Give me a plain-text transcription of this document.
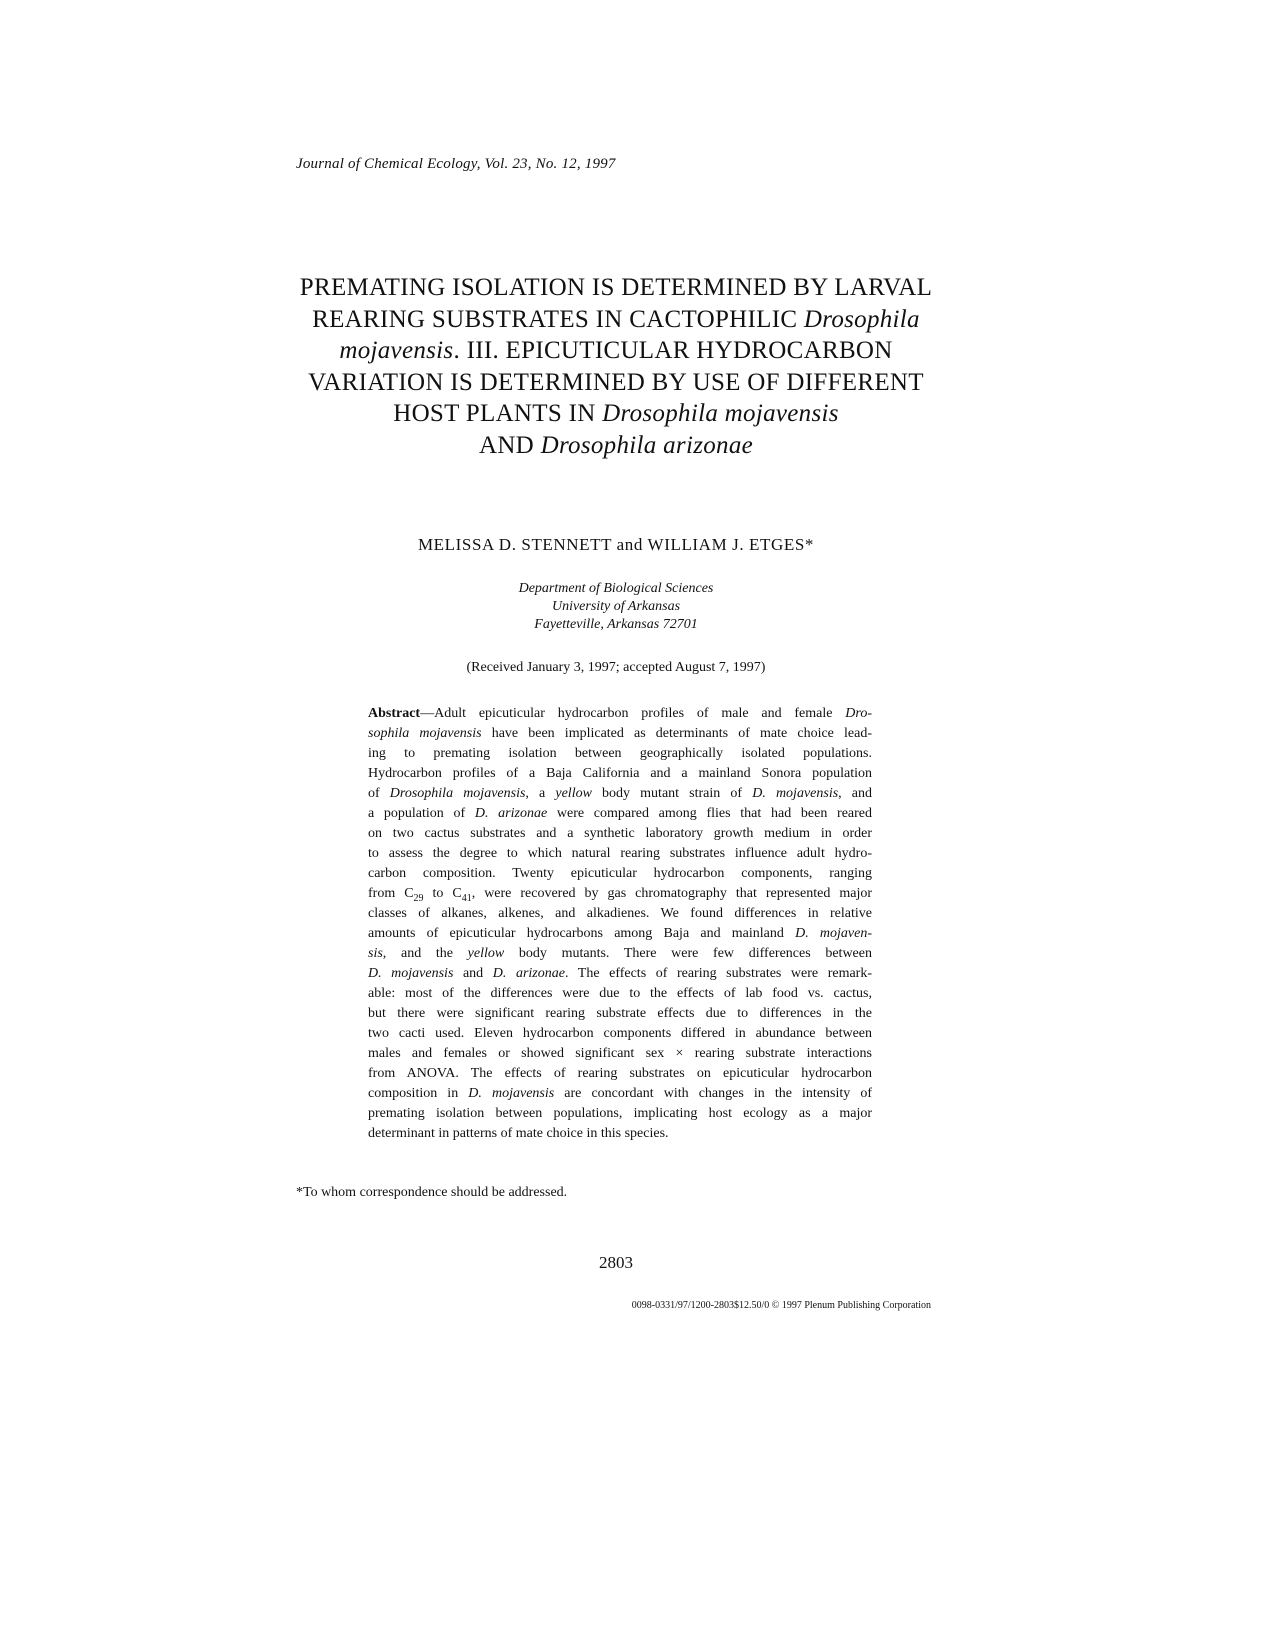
Journal of Chemical Ecology, Vol. 23, No. 12, 1997
PREMATING ISOLATION IS DETERMINED BY LARVAL
REARING SUBSTRATES IN CACTOPHILIC Drosophila
mojavensis. III. EPICUTICULAR HYDROCARBON
VARIATION IS DETERMINED BY USE OF DIFFERENT
HOST PLANTS IN Drosophila mojavensis
AND Drosophila arizonae
MELISSA D. STENNETT and WILLIAM J. ETGES*
Department of Biological Sciences
University of Arkansas
Fayetteville, Arkansas 72701
(Received January 3, 1997; accepted August 7, 1997)
Abstract—Adult epicuticular hydrocarbon profiles of male and female Dro-
sophila mojavensis have been implicated as determinants of mate choice lead-
ing to premating isolation between geographically isolated populations.
Hydrocarbon profiles of a Baja California and a mainland Sonora population
of Drosophila mojavensis, a yellow body mutant strain of D. mojavensis, and
a population of D. arizonae were compared among flies that had been reared
on two cactus substrates and a synthetic laboratory growth medium in order
to assess the degree to which natural rearing substrates influence adult hydro-
carbon composition. Twenty epicuticular hydrocarbon components, ranging
from $C_{29}$ to $C_{41}$, were recovered by gas chromatography that represented major
classes of alkanes, alkenes, and alkadienes. We found differences in relative
amounts of epicuticular hydrocarbons among Baja and mainland D. mojaven-
sis, and the yellow body mutants. There were few differences between
D. mojavensis and D. arizonae. The effects of rearing substrates were remark-
able: most of the differences were due to the effects of lab food vs. cactus,
but there were significant rearing substrate effects due to differences in the
two cacti used. Eleven hydrocarbon components differed in abundance between
males and females or showed significant sex × rearing substrate interactions
from ANOVA. The effects of rearing substrates on epicuticular hydrocarbon
composition in D. mojavensis are concordant with changes in the intensity of
premating isolation between populations, implicating host ecology as a major
determinant in patterns of mate choice in this species.
*To whom correspondence should be addressed.
2803
0098-0331/97/1200-2803$12.50/0 © 1997 Plenum Publishing Corporation
